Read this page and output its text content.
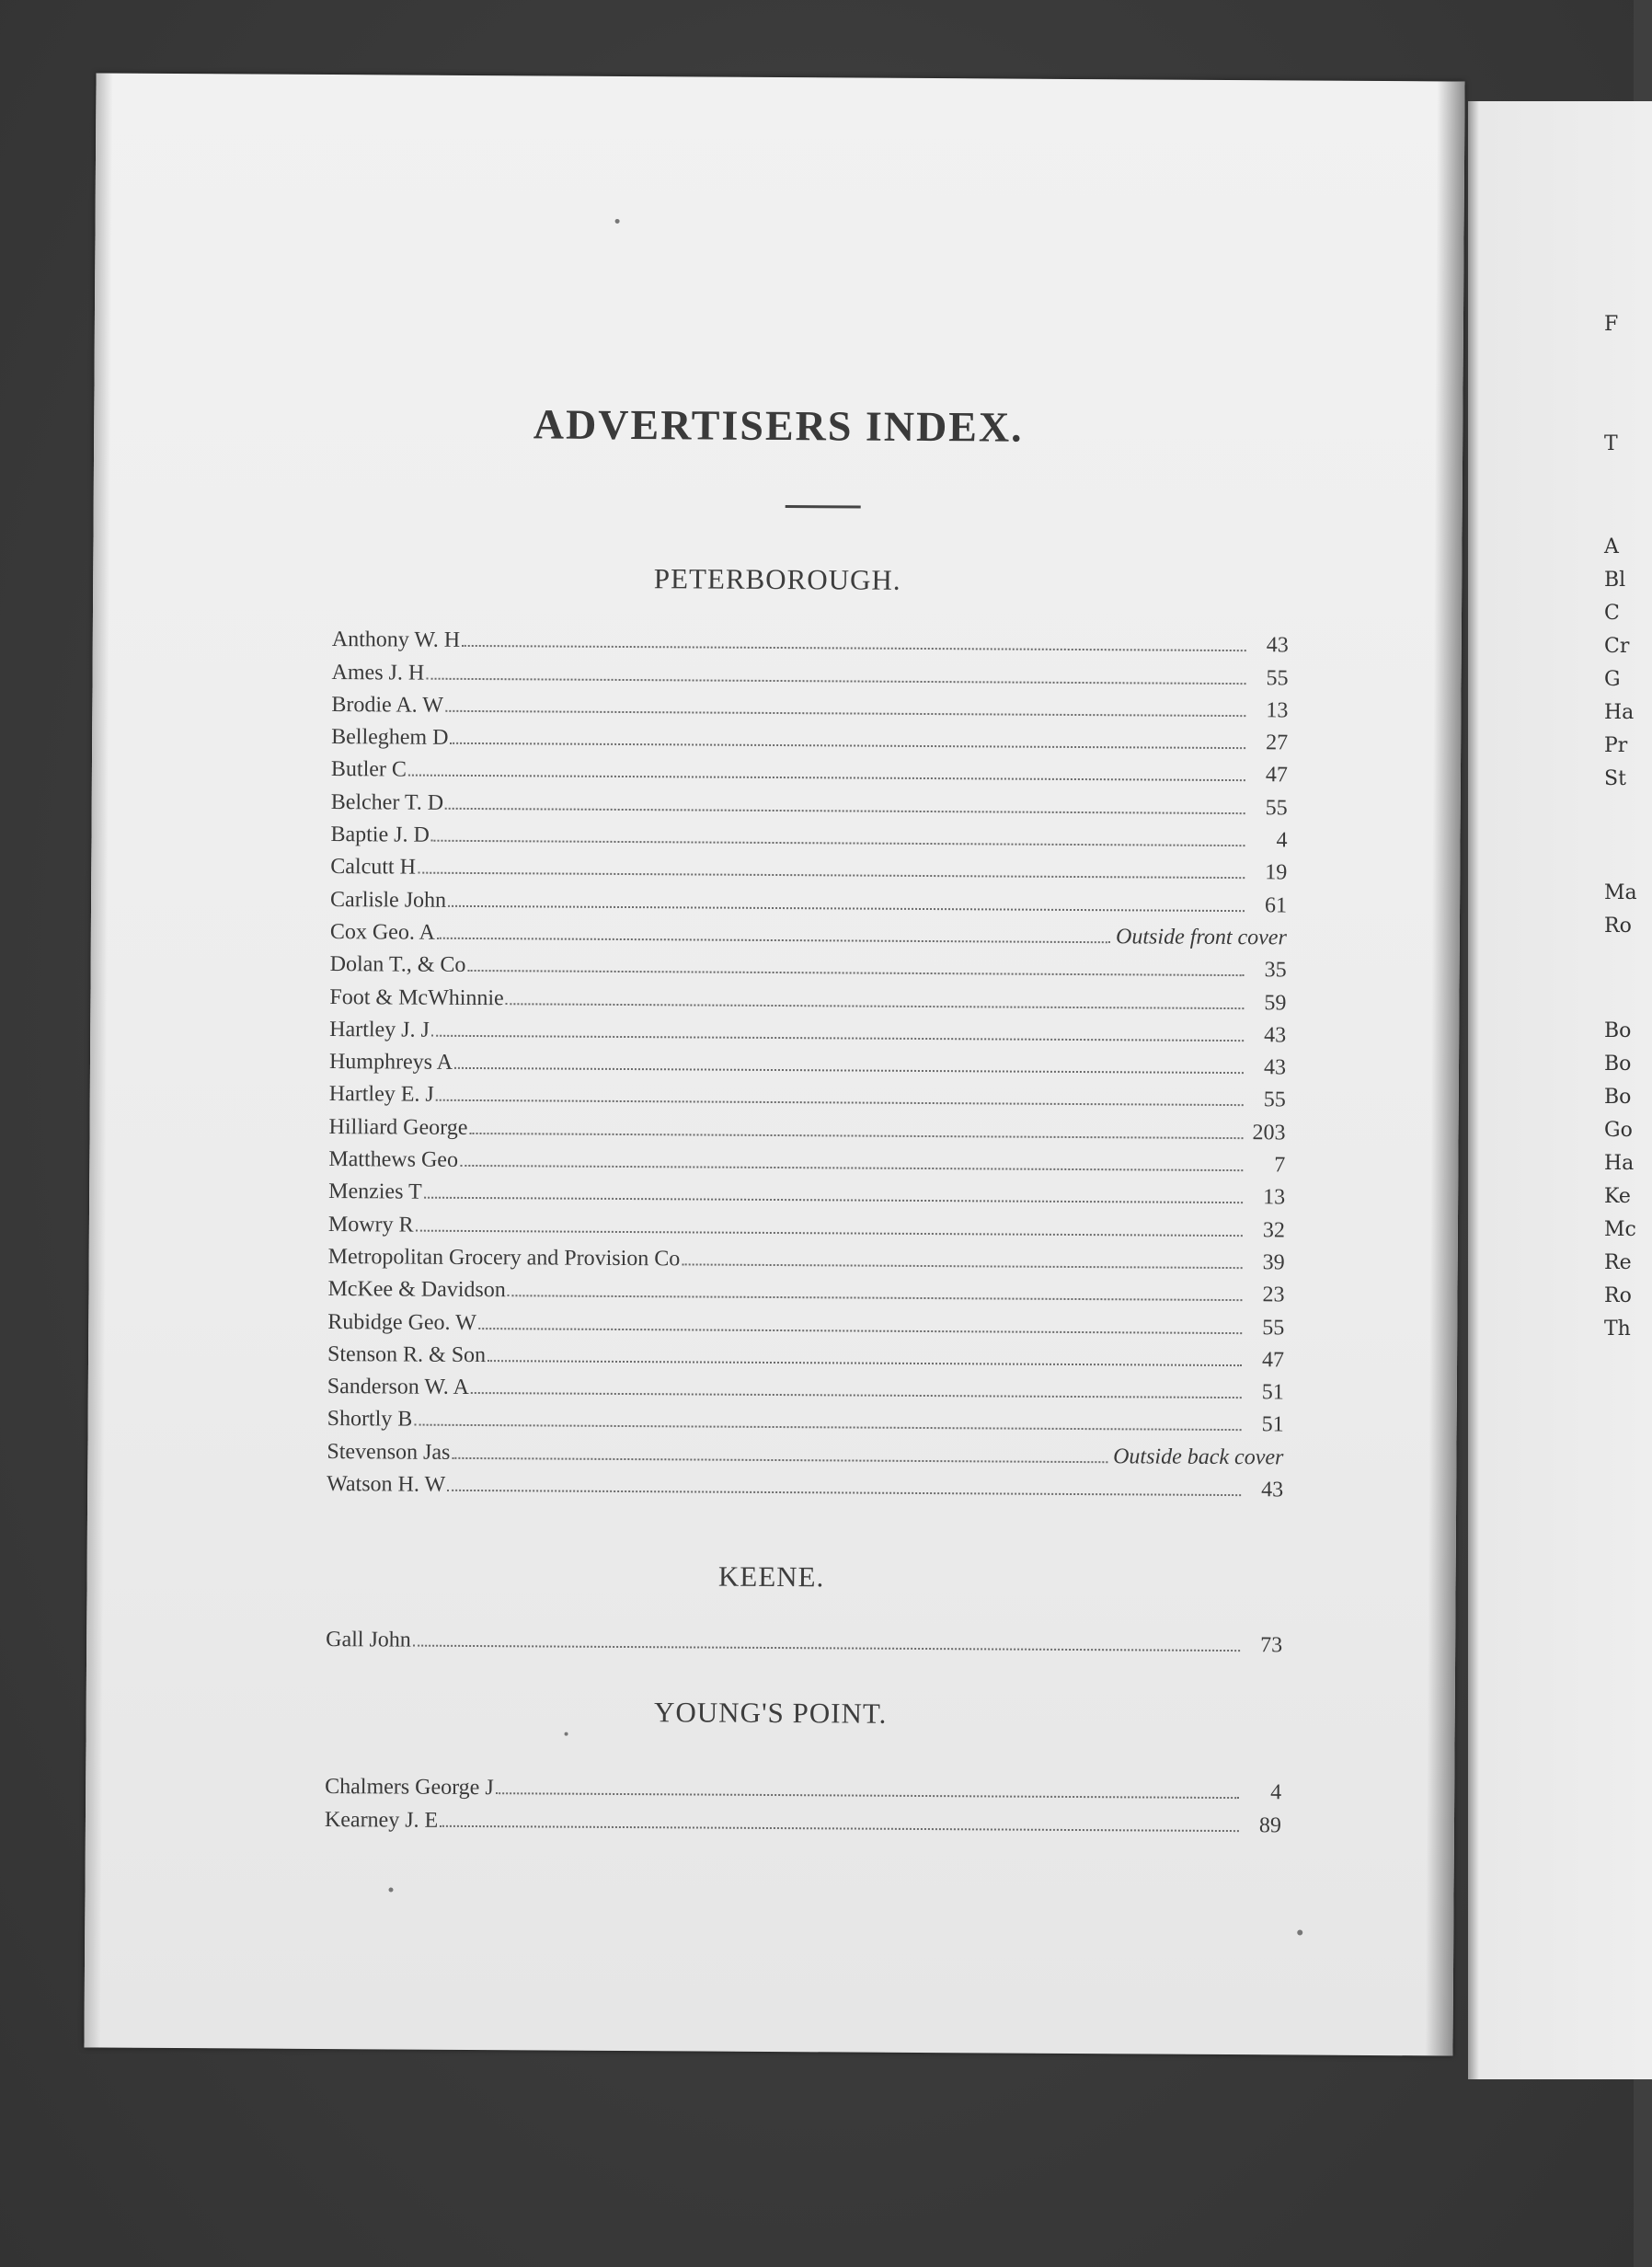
F
T
A
Bl
C
Cr
G
Ha
Pr
St
Ma
Ro
Bo
Bo
Bo
Go
Ha
Ke
Mc
Re
Ro
Th
ADVERTISERS INDEX.
PETERBOROUGH.
Anthony W. H	43
Ames J. H	55
Brodie A. W	13
Belleghem D	27
Butler C	47
Belcher T. D	55
Baptie J. D	4
Calcutt H	19
Carlisle John	61
Cox Geo. A	Outside front cover
Dolan T., & Co	35
Foot & McWhinnie	59
Hartley J. J	43
Humphreys A	43
Hartley E. J	55
Hilliard George	203
Matthews Geo	7
Menzies T	13
Mowry R	32
Metropolitan Grocery and Provision Co	39
McKee & Davidson	23
Rubidge Geo. W	55
Stenson R. & Son	47
Sanderson W. A	51
Shortly B	51
Stevenson Jas	Outside back cover
Watson H. W	43
KEENE.
Gall John	73
YOUNG'S POINT.
Chalmers George J	4
Kearney J. E	89
